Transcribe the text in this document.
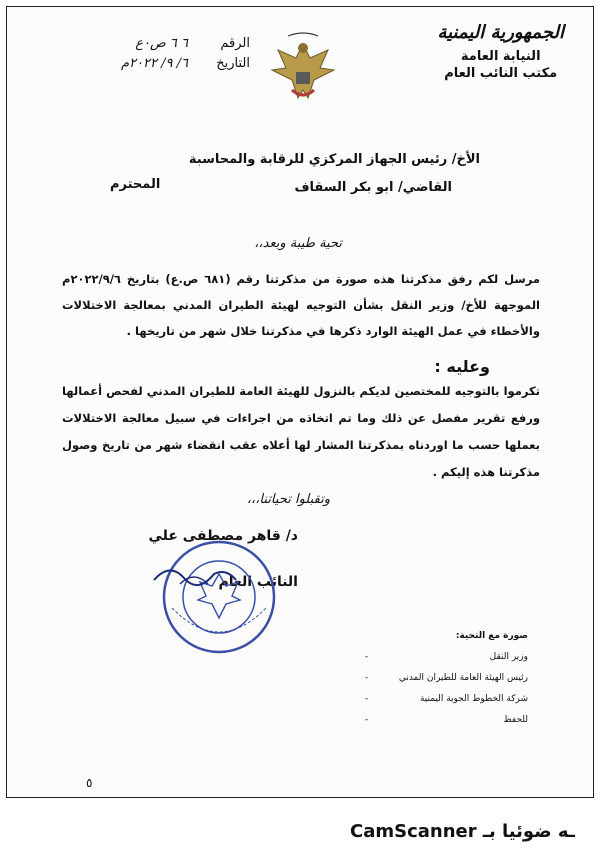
الجمهورية اليمنية
النيابة العامة
مكتب النائب العام
الرقم
٦ ٦ ص٠ع
التاريخ
٦/ ٩/ ٢٠٢٢م
الأخ/ رئيس الجهاز المركزي للرقابة والمحاسبة
القاضي/ ابو بكر السقاف
المحترم
تحية طيبة وبعد،،
مرسل لكم رفق مذكرتنا هذه صورة من مذكرتنا رقم (٦٨١ ص.ع) بتاريخ ٢٠٢٢/٩/٦م الموجهة للأخ/ وزير النقل بشأن التوجيه لهيئة الطيران المدني بمعالجة الاختلالات والأخطاء في عمل الهيئة الوارد ذكرها في مذكرتنا خلال شهر من تاريخها .
وعليه :
تكرموا بالتوجيه للمختصين لديكم بالنزول للهيئة العامة للطيران المدني لفحص أعمالها ورفع تقرير مفصل عن ذلك وما تم اتخاذه من اجراءات في سبيل معالجة الاختلالات بعملها حسب ما اوردناه بمذكرتنا المشار لها أعلاه عقب انقضاء شهر من تاريخ وصول مذكرتنا هذه إليكم .
وتقبلوا تحياتنا،،،
د/ قاهر مصطفى علي
النائب العام
صورة مع التحية:
وزير النقل
-
رئيس الهيئة العامة للطيران المدني
-
شركة الخطوط الجوية اليمنية
-
للحفظ
-
٥
CamScanner ـه ضوئيا بـ
